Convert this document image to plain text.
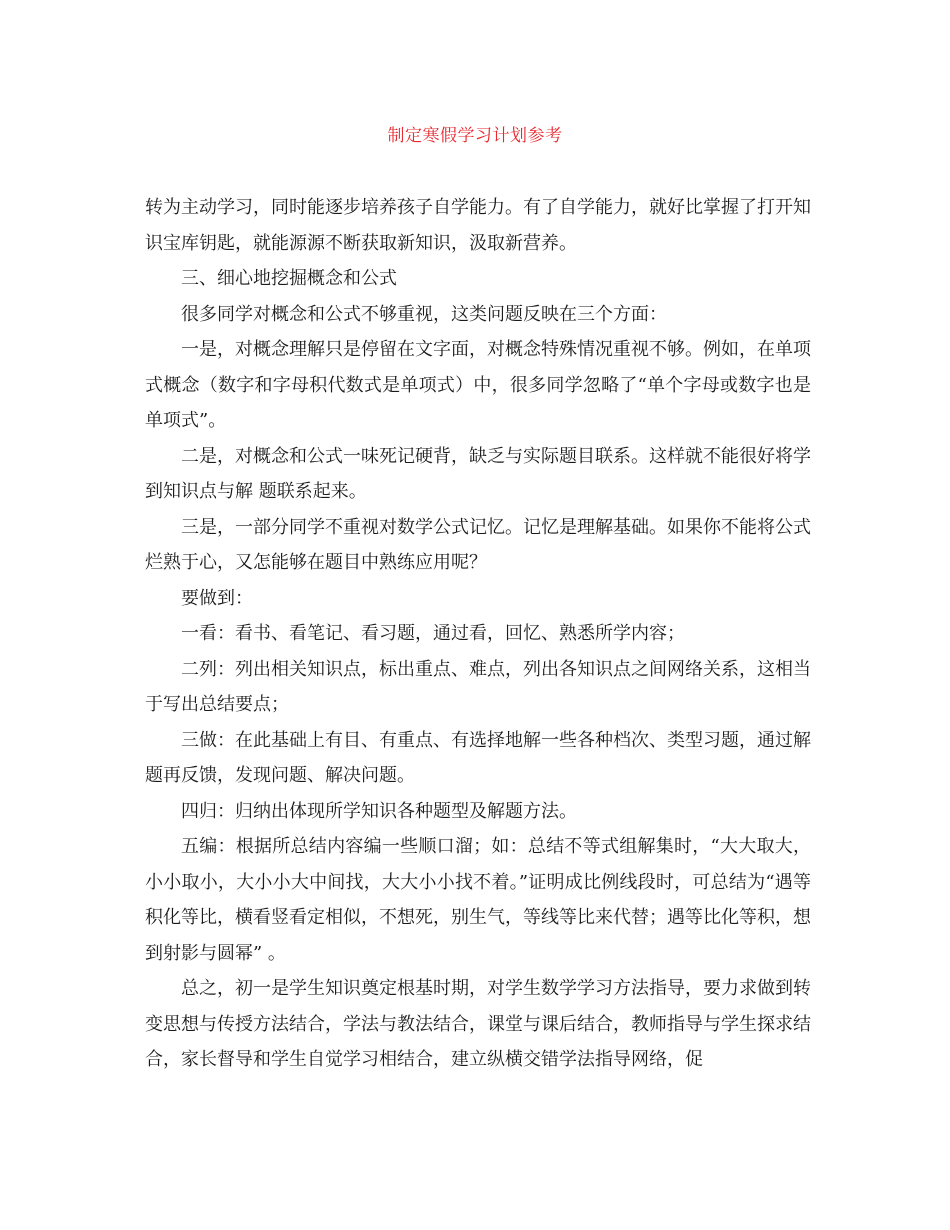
制定寒假学习计划参考

转为主动学习，同时能逐步培养孩子自学能力。有了自学能力，就好比掌握了打开知识宝库钥匙，就能源源不断获取新知识，汲取新营养。

三、细心地挖掘概念和公式

很多同学对概念和公式不够重视，这类问题反映在三个方面：

一是，对概念理解只是停留在文字面，对概念特殊情况重视不够。例如，在单项式概念（数字和字母积代数式是单项式）中，很多同学忽略了“单个字母或数字也是单项式”。

二是，对概念和公式一味死记硬背，缺乏与实际题目联系。这样就不能很好将学到知识点与解 题联系起来。

三是，一部分同学不重视对数学公式记忆。记忆是理解基础。如果你不能将公式烂熟于心，又怎能够在题目中熟练应用呢？

要做到：

一看：看书、看笔记、看习题，通过看，回忆、熟悉所学内容；

二列：列出相关知识点，标出重点、难点，列出各知识点之间网络关系，这相当于写出总结要点；

三做：在此基础上有目、有重点、有选择地解一些各种档次、类型习题，通过解题再反馈，发现问题、解决问题。

四归：归纳出体现所学知识各种题型及解题方法。

五编：根据所总结内容编一些顺口溜；如：总结不等式组解集时，“大大取大，小小取小，大小小大中间找，大大小小找不着。”证明成比例线段时，可总结为“遇等积化等比，横看竖看定相似，不想死，别生气，等线等比来代替；遇等比化等积，想到射影与圆幂” 。

总之，初一是学生知识奠定根基时期，对学生数学学习方法指导，要力求做到转变思想与传授方法结合，学法与教法结合，课堂与课后结合，教师指导与学生探求结合，家长督导和学生自觉学习相结合，建立纵横交错学法指导网络，促
